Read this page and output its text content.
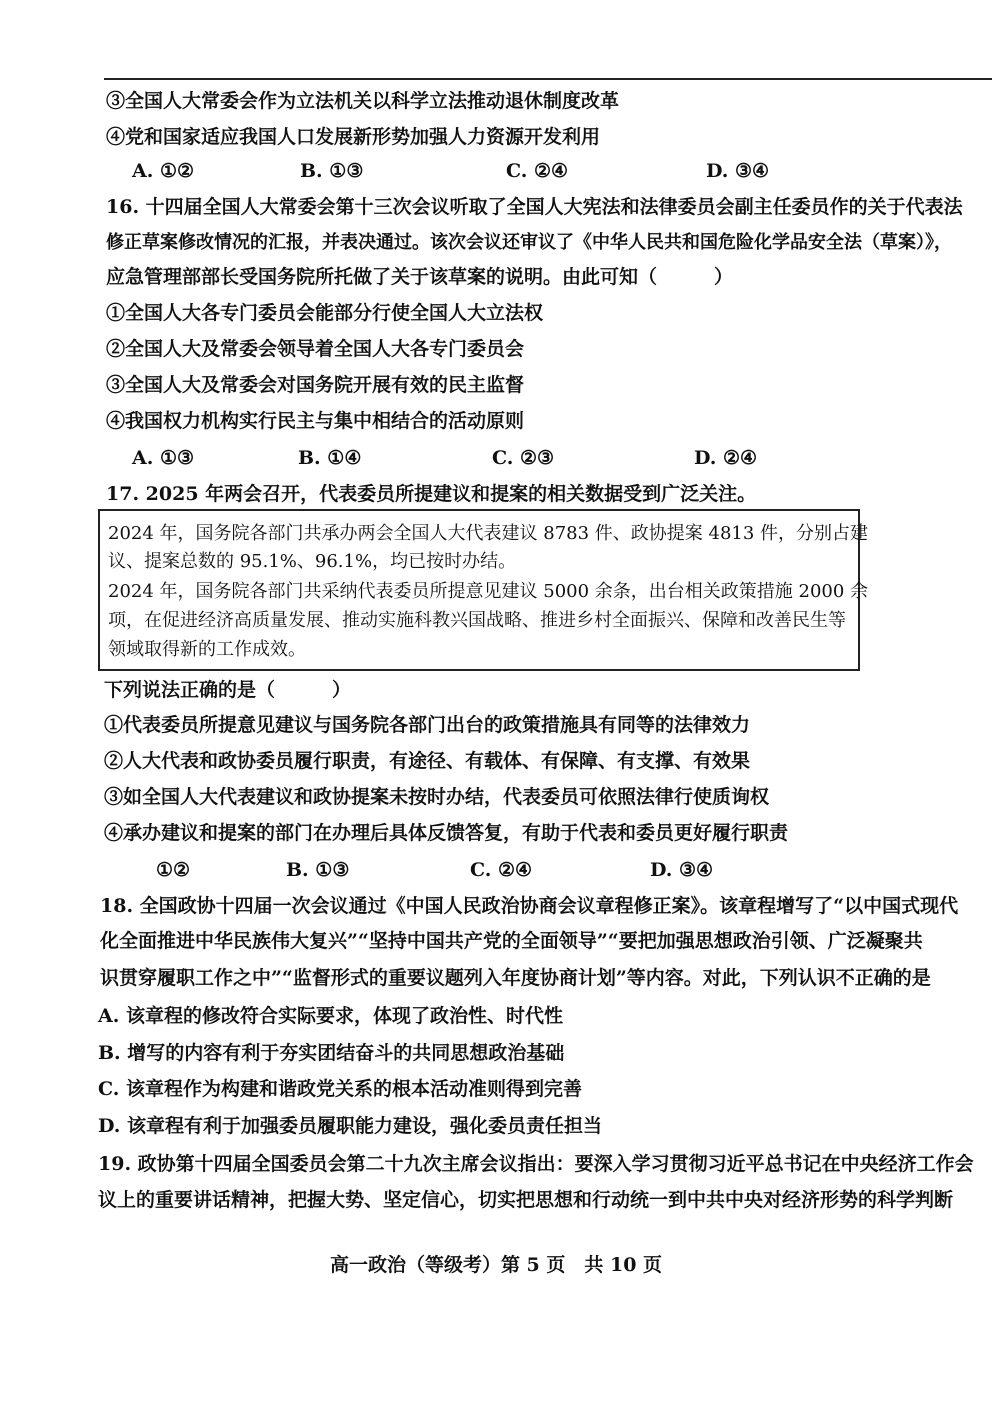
③全国人大常委会作为立法机关以科学立法推动退休制度改革
④党和国家适应我国人口发展新形势加强人力资源开发利用
A. ①②	B. ①③	C. ②④	D. ③④
16. 十四届全国人大常委会第十三次会议听取了全国人大宪法和法律委员会副主任委员作的关于代表法
修正草案修改情况的汇报，并表决通过。该次会议还审议了《中华人民共和国危险化学品安全法（草案）》，
应急管理部部长受国务院所托做了关于该草案的说明。由此可知（　　　）
①全国人大各专门委员会能部分行使全国人大立法权
②全国人大及常委会领导着全国人大各专门委员会
③全国人大及常委会对国务院开展有效的民主监督
④我国权力机构实行民主与集中相结合的活动原则
A. ①③	B. ①④	C. ②③	D. ②④
17. 2025 年两会召开，代表委员所提建议和提案的相关数据受到广泛关注。
2024 年，国务院各部门共承办两会全国人大代表建议 8783 件、政协提案 4813 件，分别占建
议、提案总数的 95.1%、96.1%，均已按时办结。
2024 年，国务院各部门共采纳代表委员所提意见建议 5000 余条，出台相关政策措施 2000 余
项，在促进经济高质量发展、推动实施科教兴国战略、推进乡村全面振兴、保障和改善民生等
领域取得新的工作成效。
下列说法正确的是（　　　）
①代表委员所提意见建议与国务院各部门出台的政策措施具有同等的法律效力
②人大代表和政协委员履行职责，有途径、有载体、有保障、有支撑、有效果
③如全国人大代表建议和政协提案未按时办结，代表委员可依照法律行使质询权
④承办建议和提案的部门在办理后具体反馈答复，有助于代表和委员更好履行职责
①②	B. ①③	C. ②④	D. ③④
18. 全国政协十四届一次会议通过《中国人民政治协商会议章程修正案》。该章程增写了“以中国式现代
化全面推进中华民族伟大复兴”“坚持中国共产党的全面领导”“要把加强思想政治引领、广泛凝聚共
识贯穿履职工作之中”“监督形式的重要议题列入年度协商计划”等内容。对此，下列认识不正确的是
A. 该章程的修改符合实际要求，体现了政治性、时代性
B. 增写的内容有利于夯实团结奋斗的共同思想政治基础
C. 该章程作为构建和谐政党关系的根本活动准则得到完善
D. 该章程有利于加强委员履职能力建设，强化委员责任担当
19. 政协第十四届全国委员会第二十九次主席会议指出：要深入学习贯彻习近平总书记在中央经济工作会
议上的重要讲话精神，把握大势、坚定信心，切实把思想和行动统一到中共中央对经济形势的科学判断
高一政治（等级考）第 5 页　共 10 页
